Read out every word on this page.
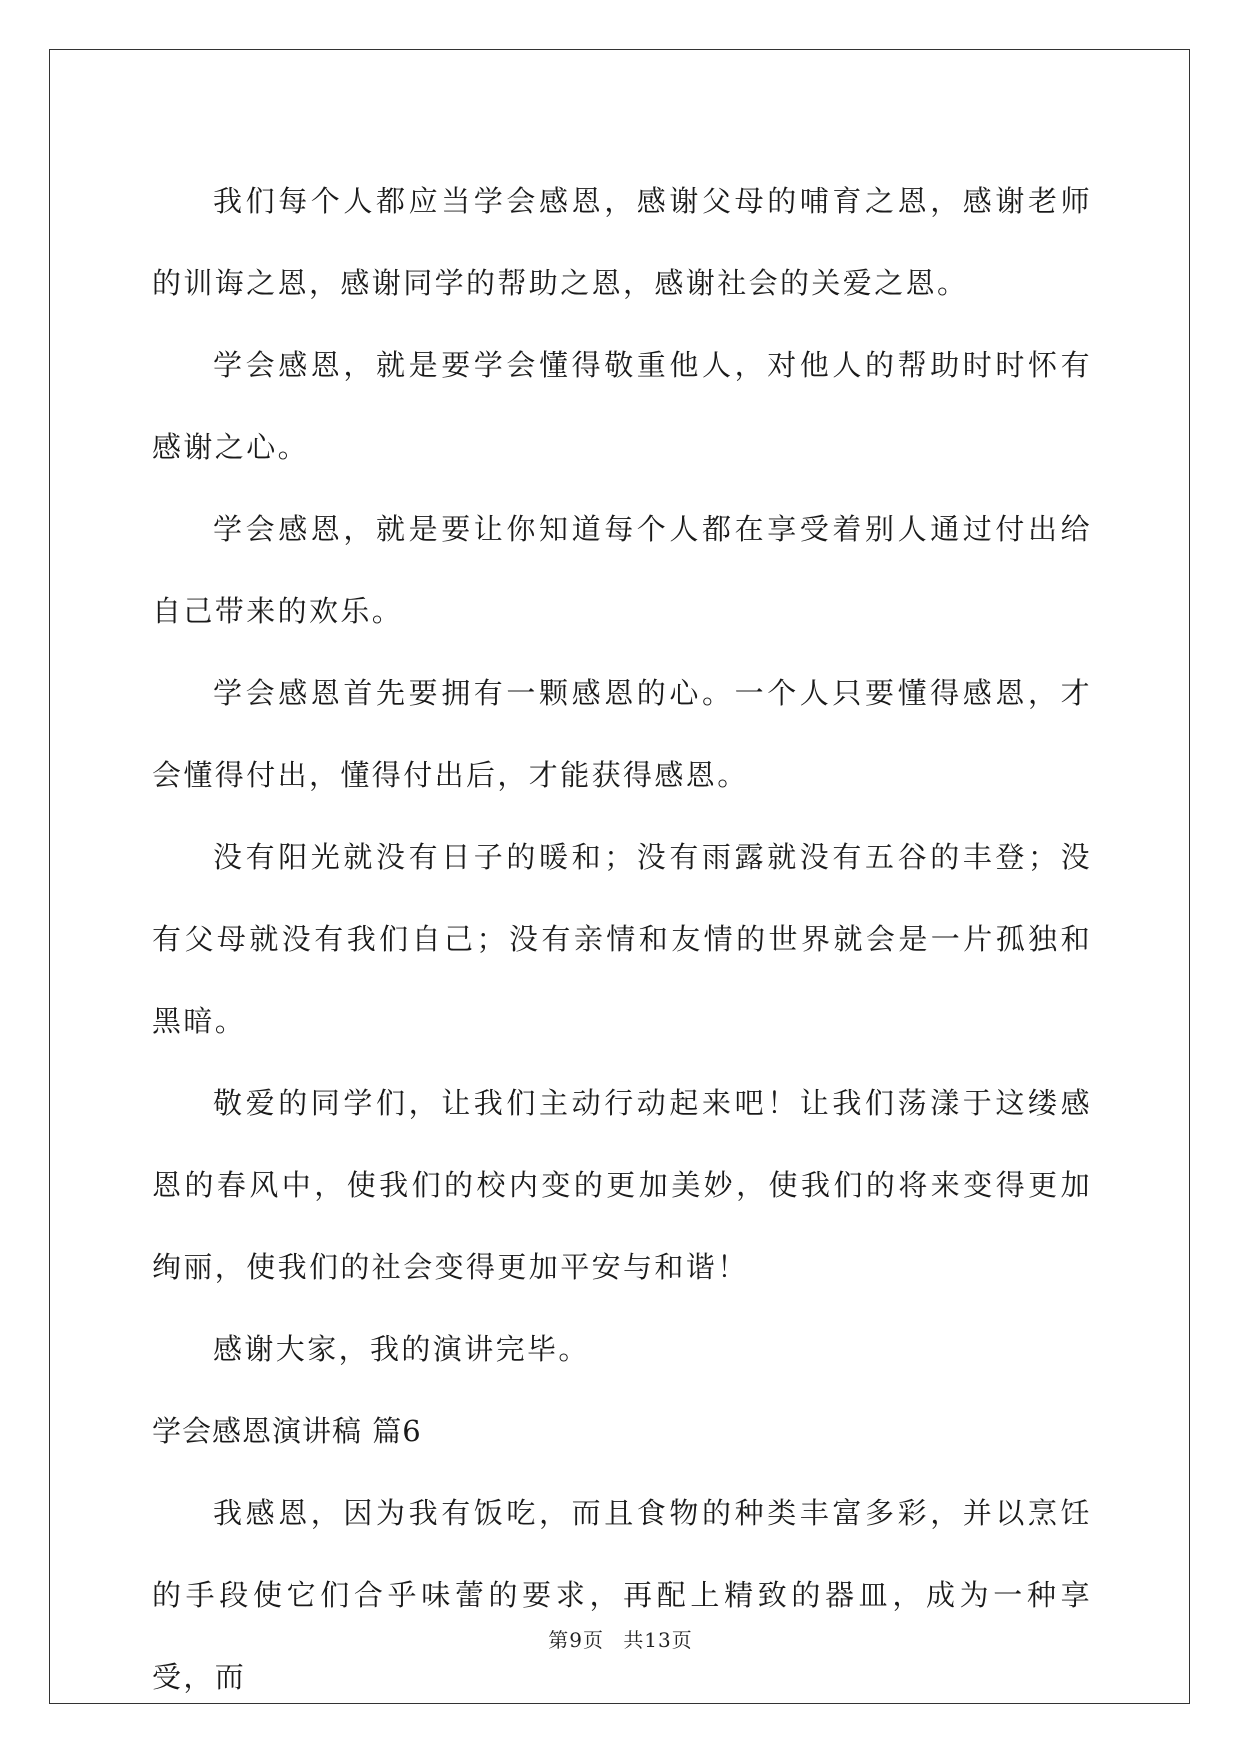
我们每个人都应当学会感恩，感谢父母的哺育之恩，感谢老师的训诲之恩，感谢同学的帮助之恩，感谢社会的关爱之恩。

学会感恩，就是要学会懂得敬重他人，对他人的帮助时时怀有感谢之心。

学会感恩，就是要让你知道每个人都在享受着别人通过付出给自己带来的欢乐。

学会感恩首先要拥有一颗感恩的心。一个人只要懂得感恩，才会懂得付出，懂得付出后，才能获得感恩。

没有阳光就没有日子的暖和；没有雨露就没有五谷的丰登；没有父母就没有我们自己；没有亲情和友情的世界就会是一片孤独和黑暗。

敬爱的同学们，让我们主动行动起来吧！让我们荡漾于这缕感恩的春风中，使我们的校内变的更加美妙，使我们的将来变得更加绚丽，使我们的社会变得更加平安与和谐！

感谢大家，我的演讲完毕。

学会感恩演讲稿 篇6

我感恩，因为我有饭吃，而且食物的种类丰富多彩，并以烹饪的手段使它们合乎味蕾的要求，再配上精致的器皿，成为一种享受，而

第9页 共13页
